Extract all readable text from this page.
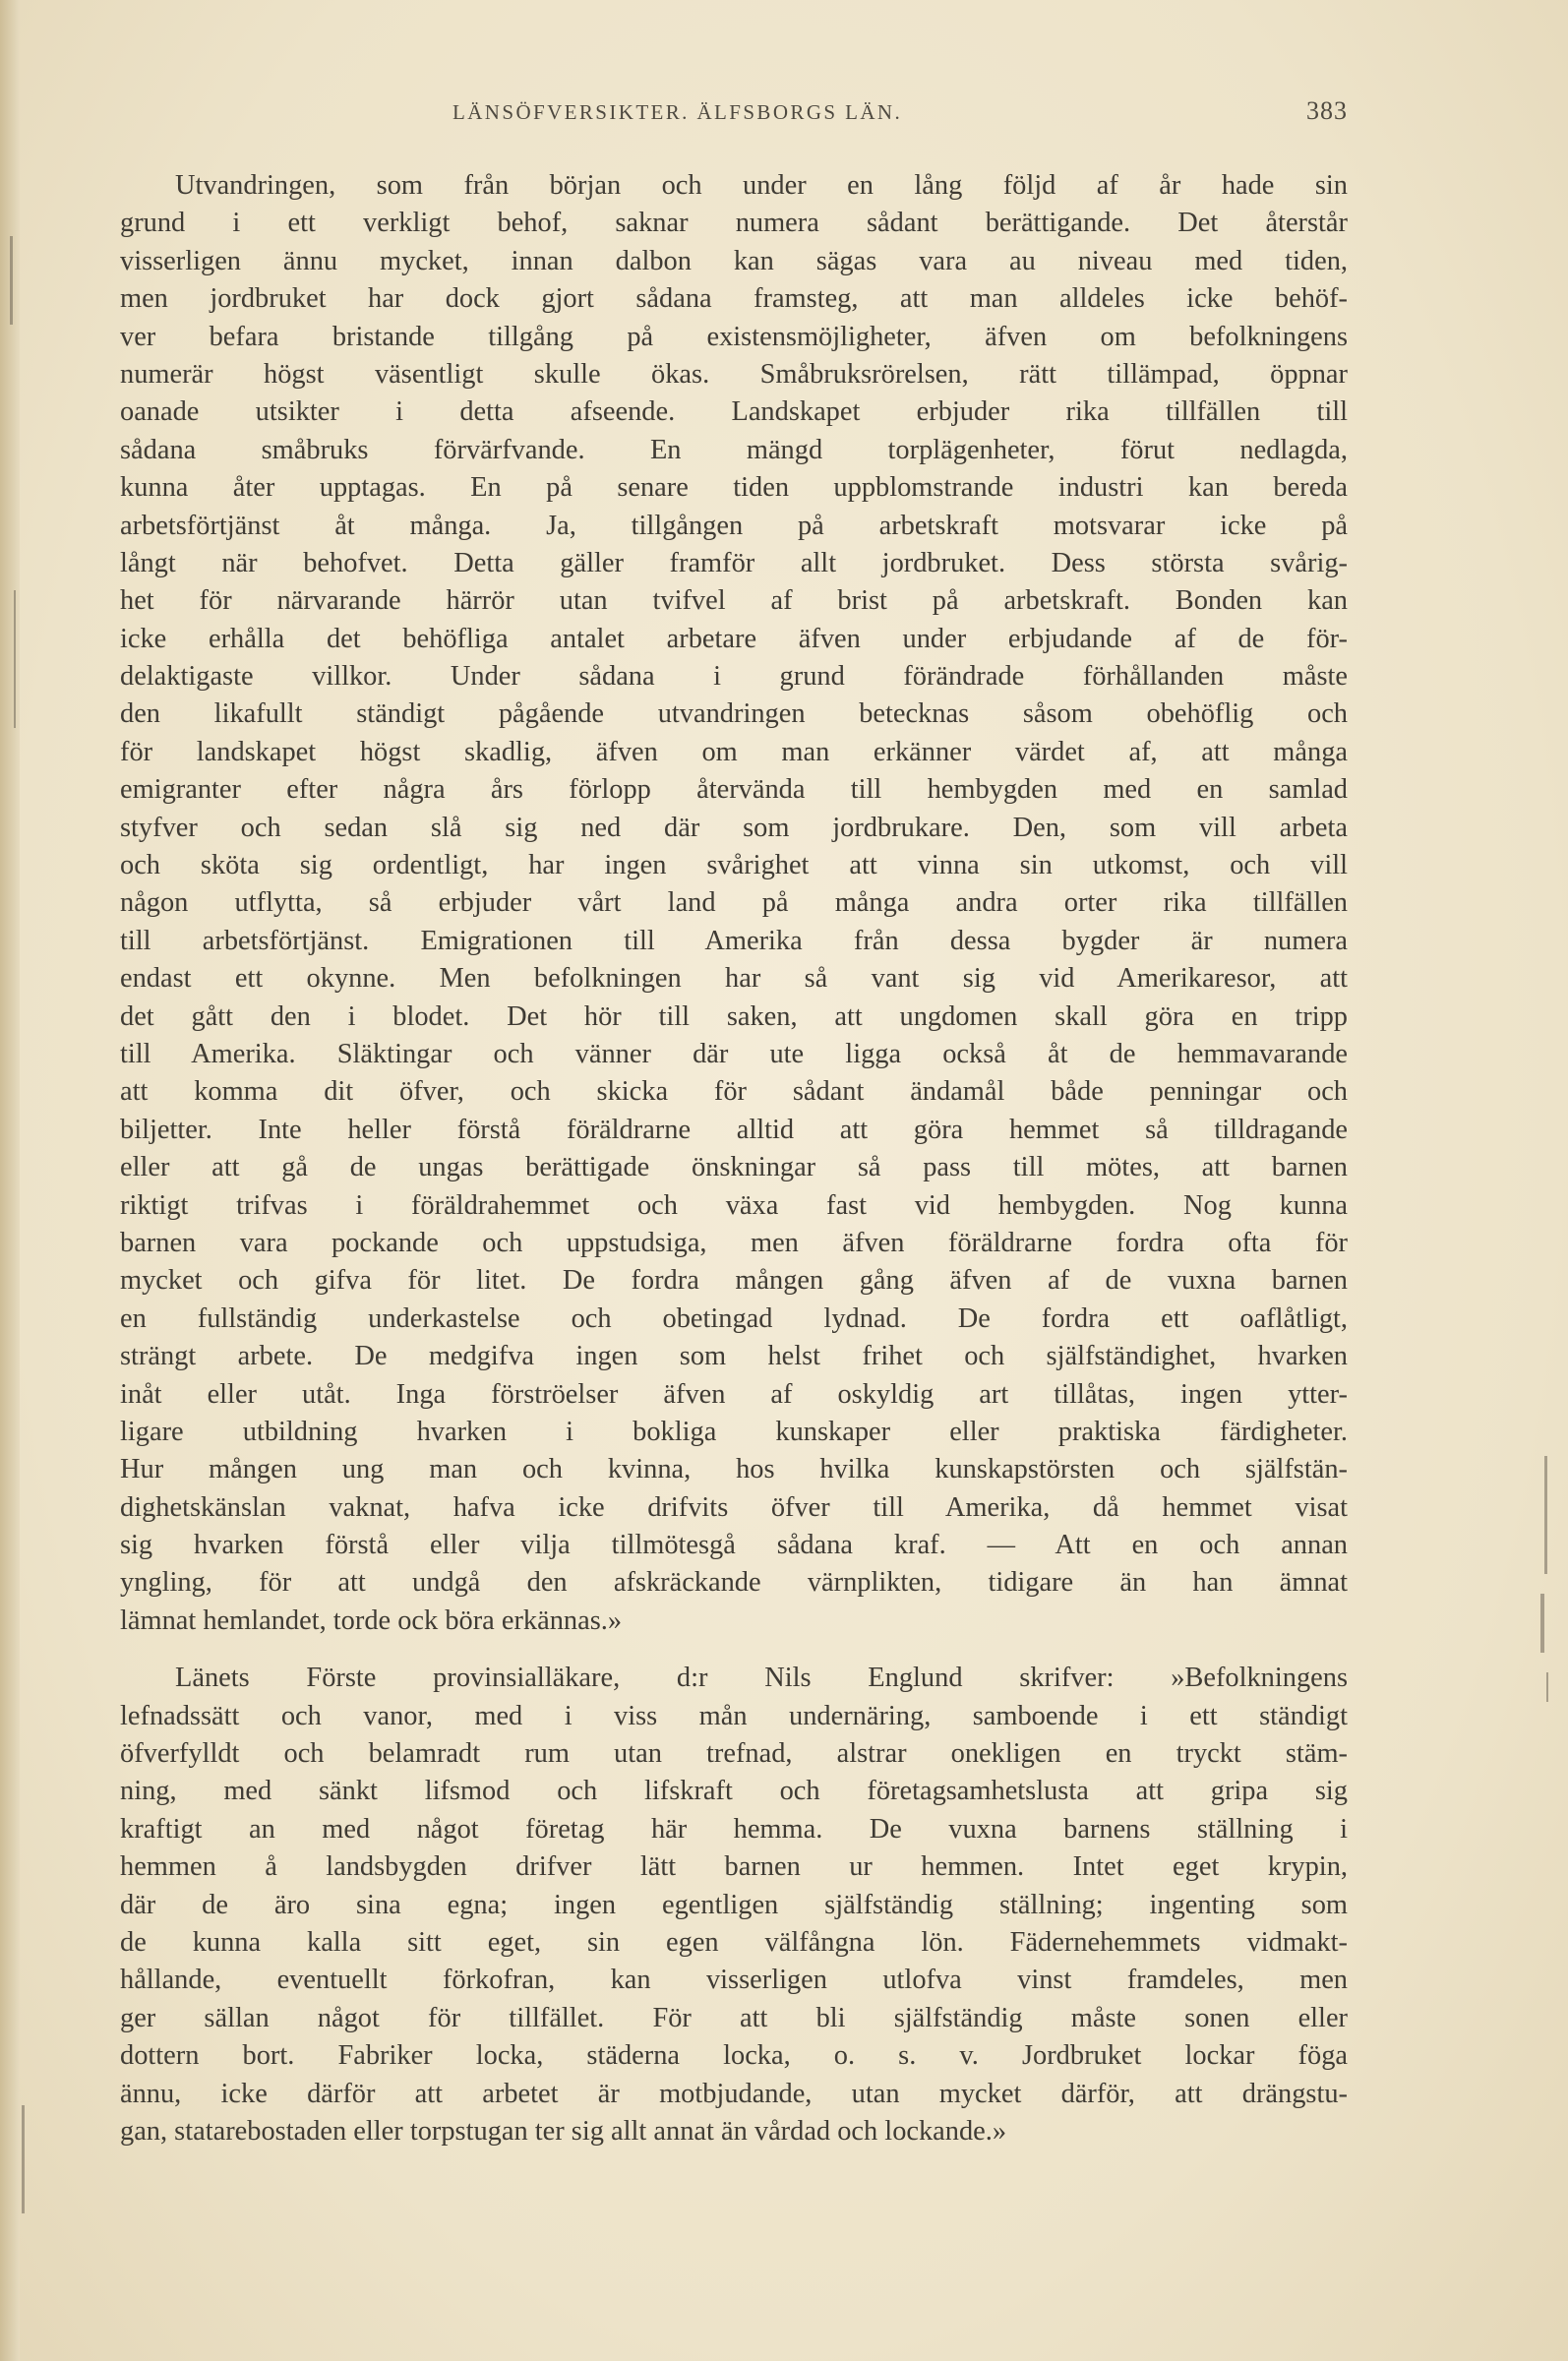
LÄNSÖFVERSIKTER. ÄLFSBORGS LÄN.	383

Utvandringen, som från början och under en lång följd af år hade sin
grund i ett verkligt behof, saknar numera sådant berättigande. Det återstår
visserligen ännu mycket, innan dalbon kan sägas vara au niveau med tiden,
men jordbruket har dock gjort sådana framsteg, att man alldeles icke behöf-
ver befara bristande tillgång på existensmöjligheter, äfven om befolkningens
numerär högst väsentligt skulle ökas. Småbruksrörelsen, rätt tillämpad, öppnar
oanade utsikter i detta afseende. Landskapet erbjuder rika tillfällen till
sådana småbruks förvärfvande. En mängd torplägenheter, förut nedlagda,
kunna åter upptagas. En på senare tiden uppblomstrande industri kan bereda
arbetsförtjänst åt många. Ja, tillgången på arbetskraft motsvarar icke på
långt när behofvet. Detta gäller framför allt jordbruket. Dess största svårig-
het för närvarande härrör utan tvifvel af brist på arbetskraft. Bonden kan
icke erhålla det behöfliga antalet arbetare äfven under erbjudande af de för-
delaktigaste villkor. Under sådana i grund förändrade förhållanden måste
den likafullt ständigt pågående utvandringen betecknas såsom obehöflig och
för landskapet högst skadlig, äfven om man erkänner värdet af, att många
emigranter efter några års förlopp återvända till hembygden med en samlad
styfver och sedan slå sig ned där som jordbrukare. Den, som vill arbeta
och sköta sig ordentligt, har ingen svårighet att vinna sin utkomst, och vill
någon utflytta, så erbjuder vårt land på många andra orter rika tillfällen
till arbetsförtjänst. Emigrationen till Amerika från dessa bygder är numera
endast ett okynne. Men befolkningen har så vant sig vid Amerikaresor, att
det gått den i blodet. Det hör till saken, att ungdomen skall göra en tripp
till Amerika. Släktingar och vänner där ute ligga också åt de hemmavarande
att komma dit öfver, och skicka för sådant ändamål både penningar och
biljetter. Inte heller förstå föräldrarne alltid att göra hemmet så tilldragande
eller att gå de ungas berättigade önskningar så pass till mötes, att barnen
riktigt trifvas i föräldrahemmet och växa fast vid hembygden. Nog kunna
barnen vara pockande och uppstudsiga, men äfven föräldrarne fordra ofta för
mycket och gifva för litet. De fordra mången gång äfven af de vuxna barnen
en fullständig underkastelse och obetingad lydnad. De fordra ett oaflåtligt,
strängt arbete. De medgifva ingen som helst frihet och själfständighet, hvarken
inåt eller utåt. Inga förströelser äfven af oskyldig art tillåtas, ingen ytter-
ligare utbildning hvarken i bokliga kunskaper eller praktiska färdigheter.
Hur mången ung man och kvinna, hos hvilka kunskapstörsten och själfstän-
dighetskänslan vaknat, hafva icke drifvits öfver till Amerika, då hemmet visat
sig hvarken förstå eller vilja tillmötesgå sådana kraf. — Att en och annan
yngling, för att undgå den afskräckande värnplikten, tidigare än han ämnat
lämnat hemlandet, torde ock böra erkännas.»

Länets Förste provinsialläkare, d:r Nils Englund skrifver: »Befolkningens
lefnadssätt och vanor, med i viss mån undernäring, samboende i ett ständigt
öfverfylldt och belamradt rum utan trefnad, alstrar onekligen en tryckt stäm-
ning, med sänkt lifsmod och lifskraft och företagsamhetslusta att gripa sig
kraftigt an med något företag här hemma. De vuxna barnens ställning i
hemmen å landsbygden drifver lätt barnen ur hemmen. Intet eget krypin,
där de äro sina egna; ingen egentligen själfständig ställning; ingenting som
de kunna kalla sitt eget, sin egen välfångna lön. Fädernehemmets vidmakt-
hållande, eventuellt förkofran, kan visserligen utlofva vinst framdeles, men
ger sällan något för tillfället. För att bli själfständig måste sonen eller
dottern bort. Fabriker locka, städerna locka, o. s. v. Jordbruket lockar föga
ännu, icke därför att arbetet är motbjudande, utan mycket därför, att drängstu-
gan, statarebostaden eller torpstugan ter sig allt annat än vårdad och lockande.»
